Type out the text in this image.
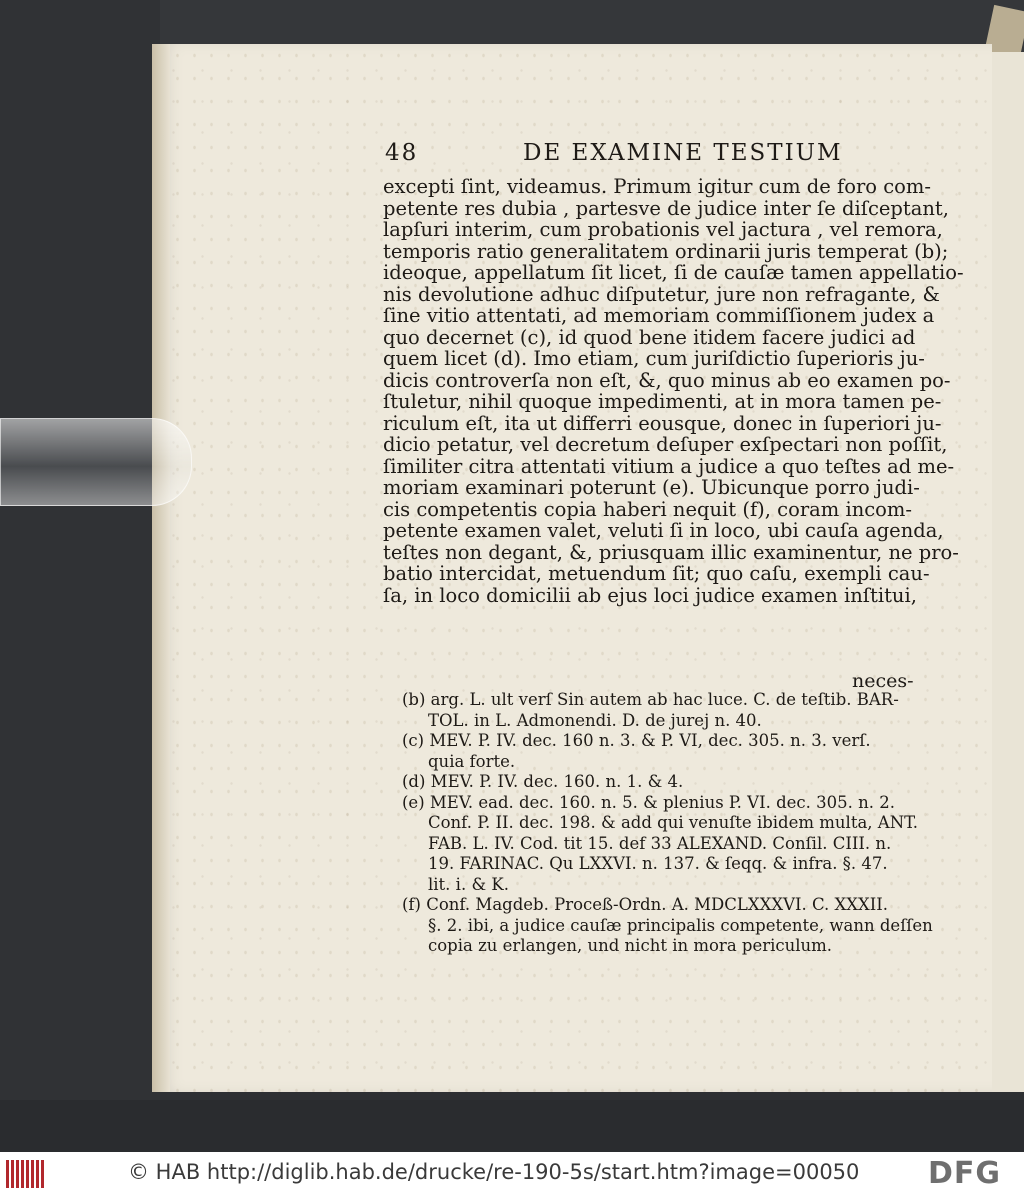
48	DE EXAMINE TESTIUM
excepti ſint, videamus. Primum igitur cum de foro com-
petente res dubia , partesve de judice inter ſe diſceptant,
lapſuri interim, cum probationis vel jactura , vel remora,
temporis ratio generalitatem ordinarii juris temperat (b);
ideoque, appellatum ſit licet, ſi de cauſæ tamen appellatio-
nis devolutione adhuc diſputetur, jure non refragante, &
ſine vitio attentati, ad memoriam commiſſionem judex a
quo decernet (c), id quod bene itidem facere judici ad
quem licet (d). Imo etiam, cum juriſdictio ſuperioris ju-
dicis controverſa non eſt, &, quo minus ab eo examen po-
ſtuletur, nihil quoque impedimenti, at in mora tamen pe-
riculum eſt, ita ut differri eousque, donec in ſuperiori ju-
dicio petatur, vel decretum deſuper exſpectari non poſſit,
ſimiliter citra attentati vitium a judice a quo teſtes ad me-
moriam examinari poterunt (e). Ubicunque porro judi-
cis competentis copia haberi nequit (f), coram incom-
petente examen valet, veluti ſi in loco, ubi cauſa agenda,
teſtes non degant, &, priusquam illic examinentur, ne pro-
batio intercidat, metuendum ſit; quo caſu, exempli cau-
ſa, in loco domicilii ab ejus loci judice examen inſtitui,
neces-
(b) arg. L. ult verſ Sin autem ab hac luce. C. de teſtib. BAR-
TOL. in L. Admonendi. D. de jurej n. 40.
(c) MEV. P. IV. dec. 160 n. 3. & P. VI, dec. 305. n. 3. verſ.
quia forte.
(d) MEV. P. IV. dec. 160. n. 1. & 4.
(e) MEV. ead. dec. 160. n. 5. & plenius P. VI. dec. 305. n. 2.
Conf. P. II. dec. 198. & add qui venuſte ibidem multa, ANT.
FAB. L. IV. Cod. tit 15. def 33 ALEXAND. Conſil. CIII. n.
19. FARINAC. Qu LXXVI. n. 137. & ſeqq. & infra. §. 47.
lit. i. & K.
(f) Conf. Magdeb. Proceß-Ordn. A. MDCLXXXVI. C. XXXII.
§. 2. ibi, a judice cauſæ principalis competente, wann deſſen
copia zu erlangen, und nicht in mora periculum.
© HAB http://diglib.hab.de/drucke/re-190-5s/start.htm?image=00050 DFG
